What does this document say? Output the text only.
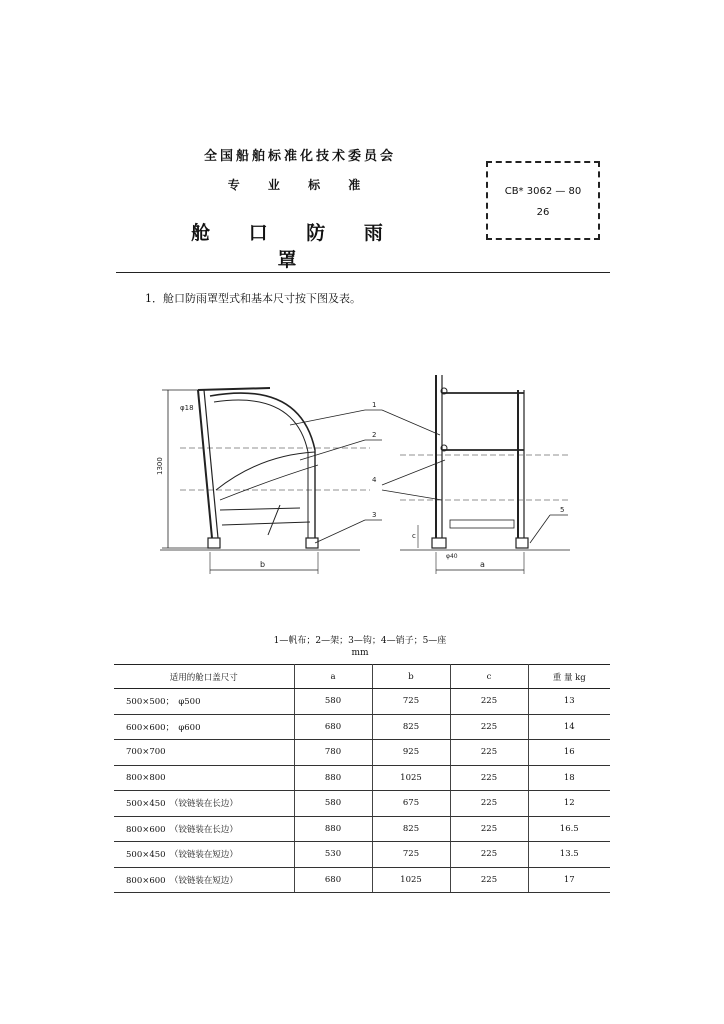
全国船舶标准化技术委员会
专 业 标 准
舱 口 防 雨 罩
CB* 3062 — 80
26
1．舱口防雨罩型式和基本尺寸按下图及表。
φ18
1300
b
1
2
4
3
5
c
φ40
a
1—帆布；2—架；3—钩；4—销子；5—座
mm
适用的舱口盖尺寸	a	b	c	重 量 kg
500×500；　φ500	580	725	225	13
600×600；　φ600	680	825	225	14
700×700	780	925	225	16
800×800	880	1025	225	18
500×450　（铰链装在长边）	580	675	225	12
800×600　（铰链装在长边）	880	825	225	16.5
500×450　（铰链装在短边）	530	725	225	13.5
800×600　（铰链装在短边）	680	1025	225	17
